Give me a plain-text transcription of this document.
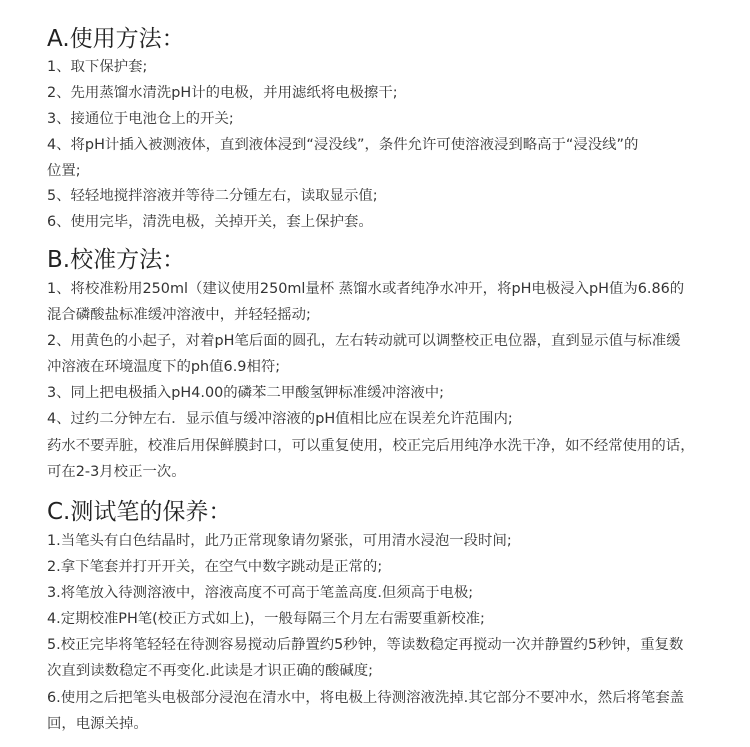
A.使用方法：
1、取下保护套;
2、先用蒸馏水清洗pH计的电极，并用滤纸将电极擦干;
3、接通位于电池仓上的开关;
4、将pH计插入被测液体，直到液体浸到“浸没线”，条件允许可使溶液浸到略高于“浸没线”的
位置;
5、轻轻地搅拌溶液并等待二分锺左右，读取显示值;
6、使用完毕，清洗电极，关掉开关，套上保护套。
B.校准方法：
1、将校准粉用250ml（建议使用250ml量杯 蒸馏水或者纯净水冲开，将pH电极浸入pH值为6.86的
混合磷酸盐标准缓冲溶液中，并轻轻摇动;
2、用黄色的小起子，对着pH笔后面的圆孔，左右转动就可以调整校正电位器，直到显示值与标准缓
冲溶液在环境温度下的ph值6.9相符;
3、同上把电极插入pH4.00的磷苯二甲酸氢钾标准缓冲溶液中;
4、过约二分钟左右．显示值与缓冲溶液的pH值相比应在误差允许范围内;
药水不要弄脏，校准后用保鲜膜封口，可以重复使用，校正完后用纯净水洗干净，如不经常使用的话，
可在2-3月校正一次。
C.测试笔的保养：
1.当笔头有白色结晶时，此乃正常现象请勿紧张，可用清水浸泡一段时间;
2.拿下笔套并打开开关，在空气中数字跳动是正常的;
3.将笔放入待测溶液中，溶液高度不可高于笔盖高度.但须高于电极;
4.定期校准PH笔(校正方式如上)，一般每隔三个月左右需要重新校准;
5.校正完毕将笔轻轻在待测容易搅动后静置约5秒钟，等读数稳定再搅动一次并静置约5秒钟，重复数
次直到读数稳定不再变化.此读是才识正确的酸碱度;
6.使用之后把笔头电极部分浸泡在清水中，将电极上待测溶液洗掉.其它部分不要冲水，然后将笔套盖
回，电源关掉。
